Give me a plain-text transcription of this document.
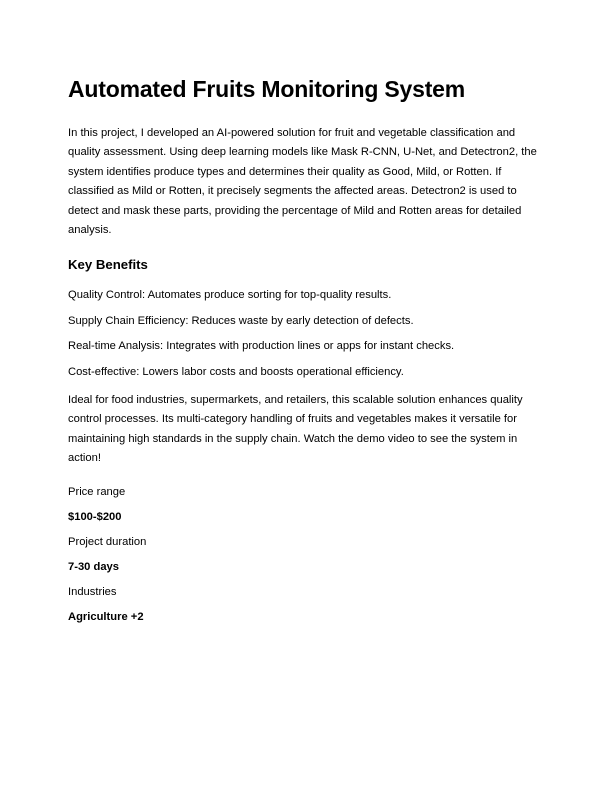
Automated Fruits Monitoring System

In this project, I developed an AI-powered solution for fruit and vegetable classification and quality assessment. Using deep learning models like Mask R-CNN, U-Net, and Detectron2, the system identifies produce types and determines their quality as Good, Mild, or Rotten. If classified as Mild or Rotten, it precisely segments the affected areas. Detectron2 is used to detect and mask these parts, providing the percentage of Mild and Rotten areas for detailed analysis.

Key Benefits

Quality Control: Automates produce sorting for top-quality results.

Supply Chain Efficiency: Reduces waste by early detection of defects.

Real-time Analysis: Integrates with production lines or apps for instant checks.

Cost-effective: Lowers labor costs and boosts operational efficiency.

Ideal for food industries, supermarkets, and retailers, this scalable solution enhances quality control processes. Its multi-category handling of fruits and vegetables makes it versatile for maintaining high standards in the supply chain. Watch the demo video to see the system in action!

Price range

$100-$200

Project duration

7-30 days

Industries

Agriculture +2
